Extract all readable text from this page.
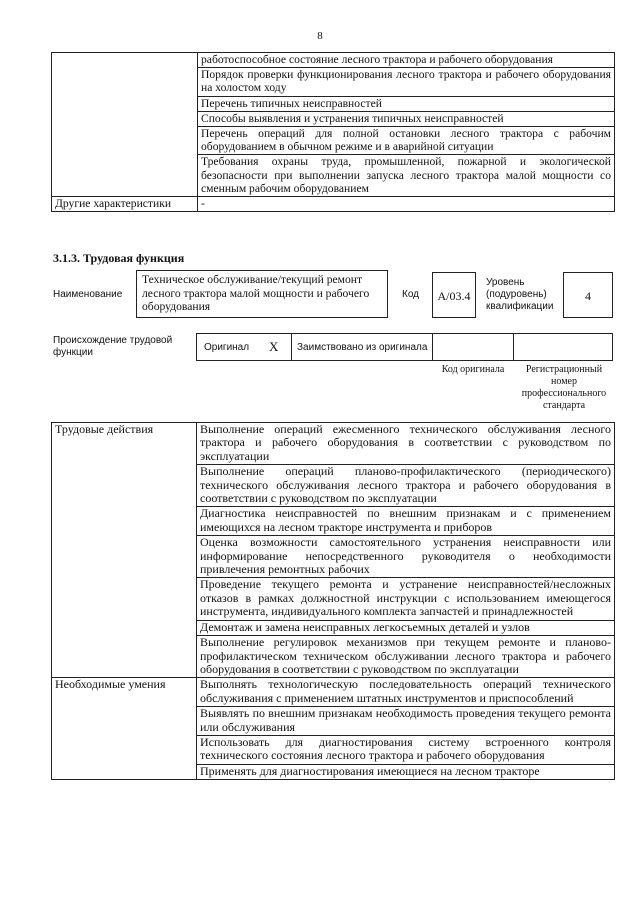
8
	работоспособное состояние лесного трактора и рабочего оборудования
	Порядок проверки функционирования лесного трактора и рабочего оборудования на холостом ходу
	Перечень типичных неисправностей
	Способы выявления и устранения типичных неисправностей
	Перечень операций для полной остановки лесного трактора с рабочим оборудованием в обычном режиме и в аварийной ситуации
	Требования охраны труда, промышленной, пожарной и экологической безопасности при выполнении запуска лесного трактора малой мощности со сменным рабочим оборудованием
Другие характеристики	-
3.1.3. Трудовая функция
Наименование
Техническое обслуживание/текущий ремонт лесного трактора малой мощности и рабочего оборудования
Код	A/03.4
Уровень (подуровень) квалификации
4
Происхождение трудовой функции	Оригинал X Заимствовано из оригинала
Код оригинала	Регистрационный номер профессионального стандарта
Трудовые действия	Выполнение операций ежесменного технического обслуживания лесного трактора и рабочего оборудования в соответствии с руководством по эксплуатации
	Выполнение операций планово-профилактического (периодического) технического обслуживания лесного трактора и рабочего оборудования в соответствии с руководством по эксплуатации
	Диагностика неисправностей по внешним признакам и с применением имеющихся на лесном тракторе инструмента и приборов
	Оценка возможности самостоятельного устранения неисправности или информирование непосредственного руководителя о необходимости привлечения ремонтных рабочих
	Проведение текущего ремонта и устранение неисправностей/несложных отказов в рамках должностной инструкции с использованием имеющегося инструмента, индивидуального комплекта запчастей и принадлежностей
	Демонтаж и замена неисправных легкосъемных деталей и узлов
	Выполнение регулировок механизмов при текущем ремонте и планово-профилактическом техническом обслуживании лесного трактора и рабочего оборудования в соответствии с руководством по эксплуатации
Необходимые умения	Выполнять технологическую последовательность операций технического обслуживания с применением штатных инструментов и приспособлений
	Выявлять по внешним признакам необходимость проведения текущего ремонта или обслуживания
	Использовать для диагностирования систему встроенного контроля технического состояния лесного трактора и рабочего оборудования
	Применять для диагностирования имеющиеся на лесном тракторе
